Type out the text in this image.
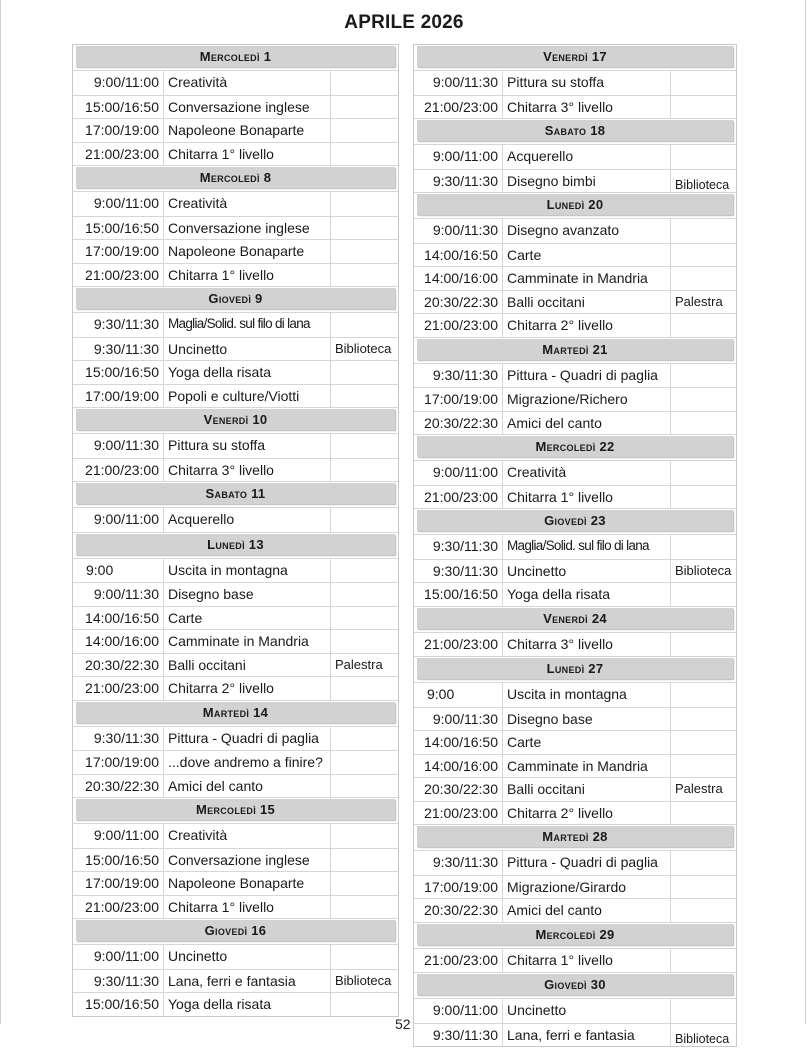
APRILE 2026
Mercoledì 1
9:00/11:00 Creatività
15:00/16:50 Conversazione inglese
17:00/19:00 Napoleone Bonaparte
21:00/23:00 Chitarra 1° livello
Mercoledì 8
9:00/11:00 Creatività
15:00/16:50 Conversazione inglese
17:00/19:00 Napoleone Bonaparte
21:00/23:00 Chitarra 1° livello
Giovedì 9
9:30/11:30 Maglia/Solid. sul filo di lana
9:30/11:30 Uncinetto	Biblioteca
15:00/16:50 Yoga della risata
17:00/19:00 Popoli e culture/Viotti
Venerdì 10
9:00/11:30 Pittura su stoffa
21:00/23:00 Chitarra 3° livello
Sabato 11
9:00/11:00 Acquerello
Lunedì 13
9:00	Uscita in montagna
9:00/11:30 Disegno base
14:00/16:50 Carte
14:00/16:00 Camminate in Mandria
20:30/22:30 Balli occitani	Palestra
21:00/23:00 Chitarra 2° livello
Martedì 14
9:30/11:30 Pittura - Quadri di paglia
17:00/19:00 ...dove andremo a finire?
20:30/22:30 Amici del canto
Mercoledì 15
9:00/11:00 Creatività
15:00/16:50 Conversazione inglese
17:00/19:00 Napoleone Bonaparte
21:00/23:00 Chitarra 1° livello
Giovedì 16
9:00/11:00 Uncinetto
9:30/11:30 Lana, ferri e fantasia	Biblioteca
15:00/16:50 Yoga della risata
Venerdì 17
9:00/11:30 Pittura su stoffa
21:00/23:00 Chitarra 3° livello
Sabato 18
9:00/11:00 Acquerello
9:30/11:30 Disegno bimbi	Biblioteca
Lunedì 20
9:00/11:30 Disegno avanzato
14:00/16:50 Carte
14:00/16:00 Camminate in Mandria
20:30/22:30 Balli occitani	Palestra
21:00/23:00 Chitarra 2° livello
Martedì 21
9:30/11:30 Pittura - Quadri di paglia
17:00/19:00 Migrazione/Richero
20:30/22:30 Amici del canto
Mercoledì 22
9:00/11:00 Creatività
21:00/23:00 Chitarra 1° livello
Giovedì 23
9:30/11:30 Maglia/Solid. sul filo di lana
9:30/11:30 Uncinetto	Biblioteca
15:00/16:50 Yoga della risata
Venerdì 24
21:00/23:00 Chitarra 3° livello
Lunedì 27
9:00	Uscita in montagna
9:00/11:30 Disegno base
14:00/16:50 Carte
14:00/16:00 Camminate in Mandria
20:30/22:30 Balli occitani	Palestra
21:00/23:00 Chitarra 2° livello
Martedì 28
9:30/11:30 Pittura - Quadri di paglia
17:00/19:00 Migrazione/Girardo
20:30/22:30 Amici del canto
Mercoledì 29
21:00/23:00 Chitarra 1° livello
Giovedì 30
9:00/11:00 Uncinetto
9:30/11:30 Lana, ferri e fantasia	Biblioteca
52
